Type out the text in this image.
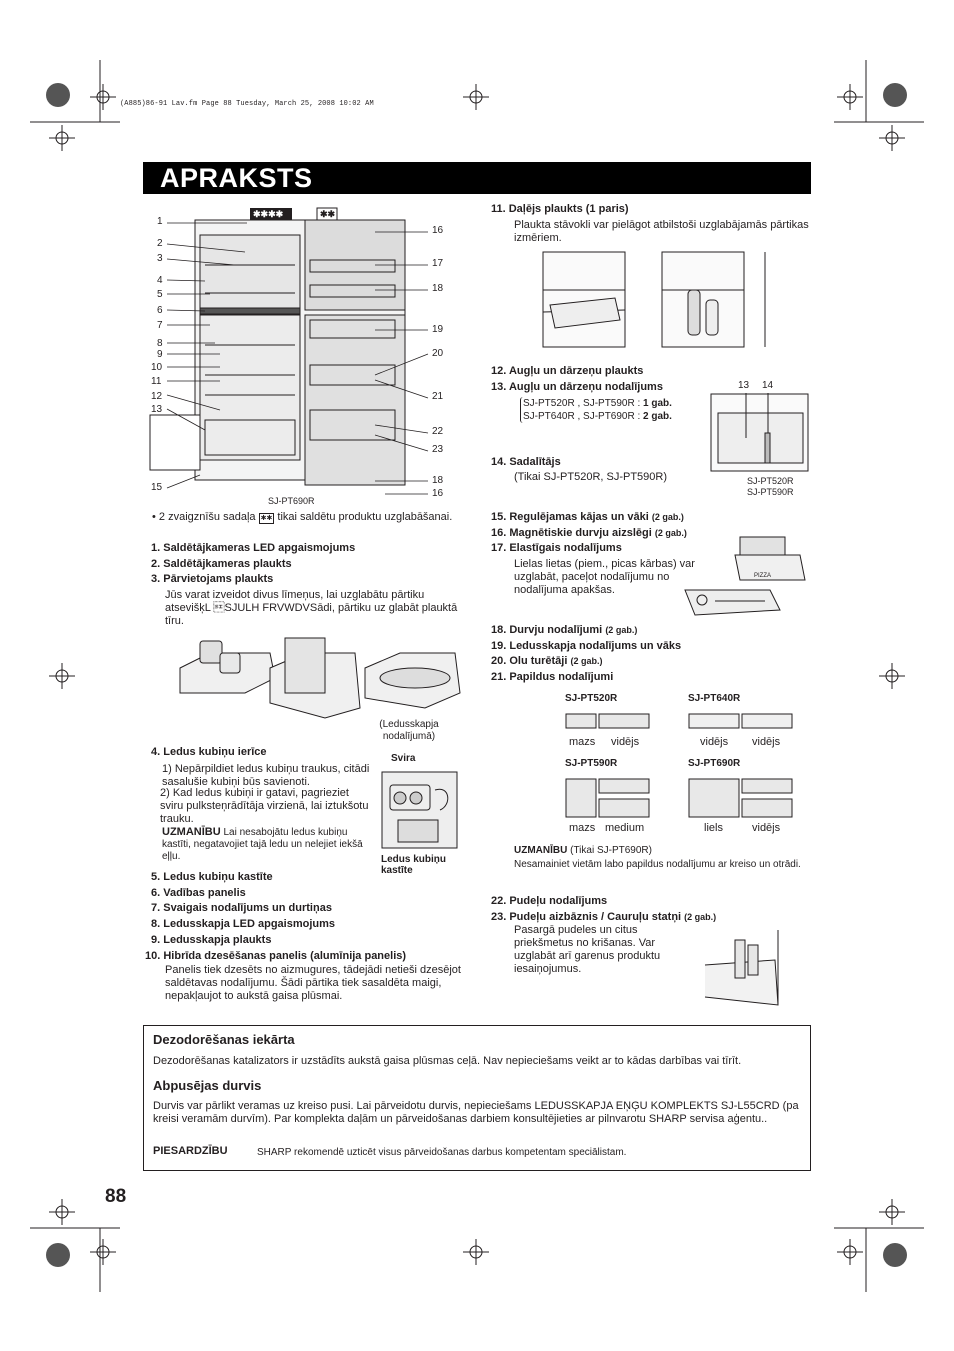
(A885)86-91 Lav.fm Page 88 Tuesday, March 25, 2008 10:02 AM
APRAKSTS
✱✱✱✱	✱✱
1
2
3
4
5
6
7
8
9
10
11
12
13
15
16
17
18
19
20
21
22
23
18
16
SJ-PT690R
• 2 zvaigznīšu sadaļa ✱✱ tikai saldētu produktu uzglabāšanai.
1. Saldētājkameras LED apgaismojums
2. Saldētājkameras plaukts
3. Pārvietojams plaukts
Jūs varat izveidot divus līmeņus, lai uzglabātu pārtiku atsevišķL SJULH FRVWDVSādi, pārtiku uz glabāt plauktā tīru.
(Ledusskapja nodalījumā)
4. Ledus kubiņu ierīce
1) Nepārpildiet ledus kubiņu traukus, citādi sasalušie kubiņi būs savienoti.
2) Kad ledus kubiņi ir gatavi, pagrieziet sviru pulksteņrādītāja virzienā, lai iztukšotu trauku.
UZMANĪBU Lai nesabojātu ledus kubiņu kastīti, negatavojiet tajā ledu un nelejiet iekšā eļļu.
Svira
Ledus kubiņu kastīte
5. Ledus kubiņu kastīte
6. Vadības panelis
7. Svaigais nodalījums un durtiņas
8. Ledusskapja LED apgaismojums
9. Ledusskapja plaukts
10. Hibrīda dzesēšanas panelis (alumīnija panelis)
Panelis tiek dzesēts no aizmugures, tādejādi netieši dzesējot saldētavas nodalījumu. Šādi pārtika tiek sasaldēta maigi, nepakļaujot to aukstā gaisa plūsmai.
11. Daļējs plaukts (1 paris)
Plaukta stāvokli var pielāgot atbilstoši uzglabājamās pārtikas izmēriem.
12. Augļu un dārzeņu plaukts
13. Augļu un dārzeņu nodalījums
SJ-PT520R , SJ-PT590R : 1 gab.
SJ-PT640R , SJ-PT690R : 2 gab.
13 14
SJ-PT520R SJ-PT590R
14. Sadalītājs
(Tikai SJ-PT520R, SJ-PT590R)
15. Regulējamas kājas un vāki (2 gab.)
16. Magnētiskie durvju aizslēgi (2 gab.)
17. Elastīgais nodalījums
Lielas lietas (piem., picas kārbas) var uzglabāt, paceļot nodalījumu no nodalījuma apakšas.
PIZZA
18. Durvju nodalījumi (2 gab.)
19. Ledusskapja nodalījums un vāks
20. Olu turētāji (2 gab.)
21. Papildus nodalījumi
SJ-PT520R	SJ-PT640R
mazs vidējs	vidējs vidējs
SJ-PT590R	SJ-PT690R
mazs medium	liels	vidējs
UZMANĪBU (Tikai SJ-PT690R)
Nesamainiet vietām labo papildus nodalījumu ar kreiso un otrādi.
22. Pudeļu nodalījums
23. Pudeļu aizbāznis / Cauruļu statņi (2 gab.)
Pasargā pudeles un citus priekšmetus no krišanas. Var uzglabāt arī garenus produktu iesaiņojumus.
Dezodorēšanas iekārta
Dezodorēšanas katalizators ir uzstādīts aukstā gaisa plūsmas ceļā. Nav nepieciešams veikt ar to kādas darbības vai tīrīt.
Abpusējas durvis
Durvis var pārlikt veramas uz kreiso pusi. Lai pārveidotu durvis, nepieciešams LEDUSSKAPJA EŅĢU KOMPLEKTS SJ-L55CRD (pa kreisi veramām durvīm). Par komplekta daļām un pārveidošanas darbiem konsultējieties ar pilnvarotu SHARP servisa aģentu..
PIESARDZĪBU	SHARP rekomendē uzticēt visus pārveidošanas darbus kompetentam speciālistam.
88
